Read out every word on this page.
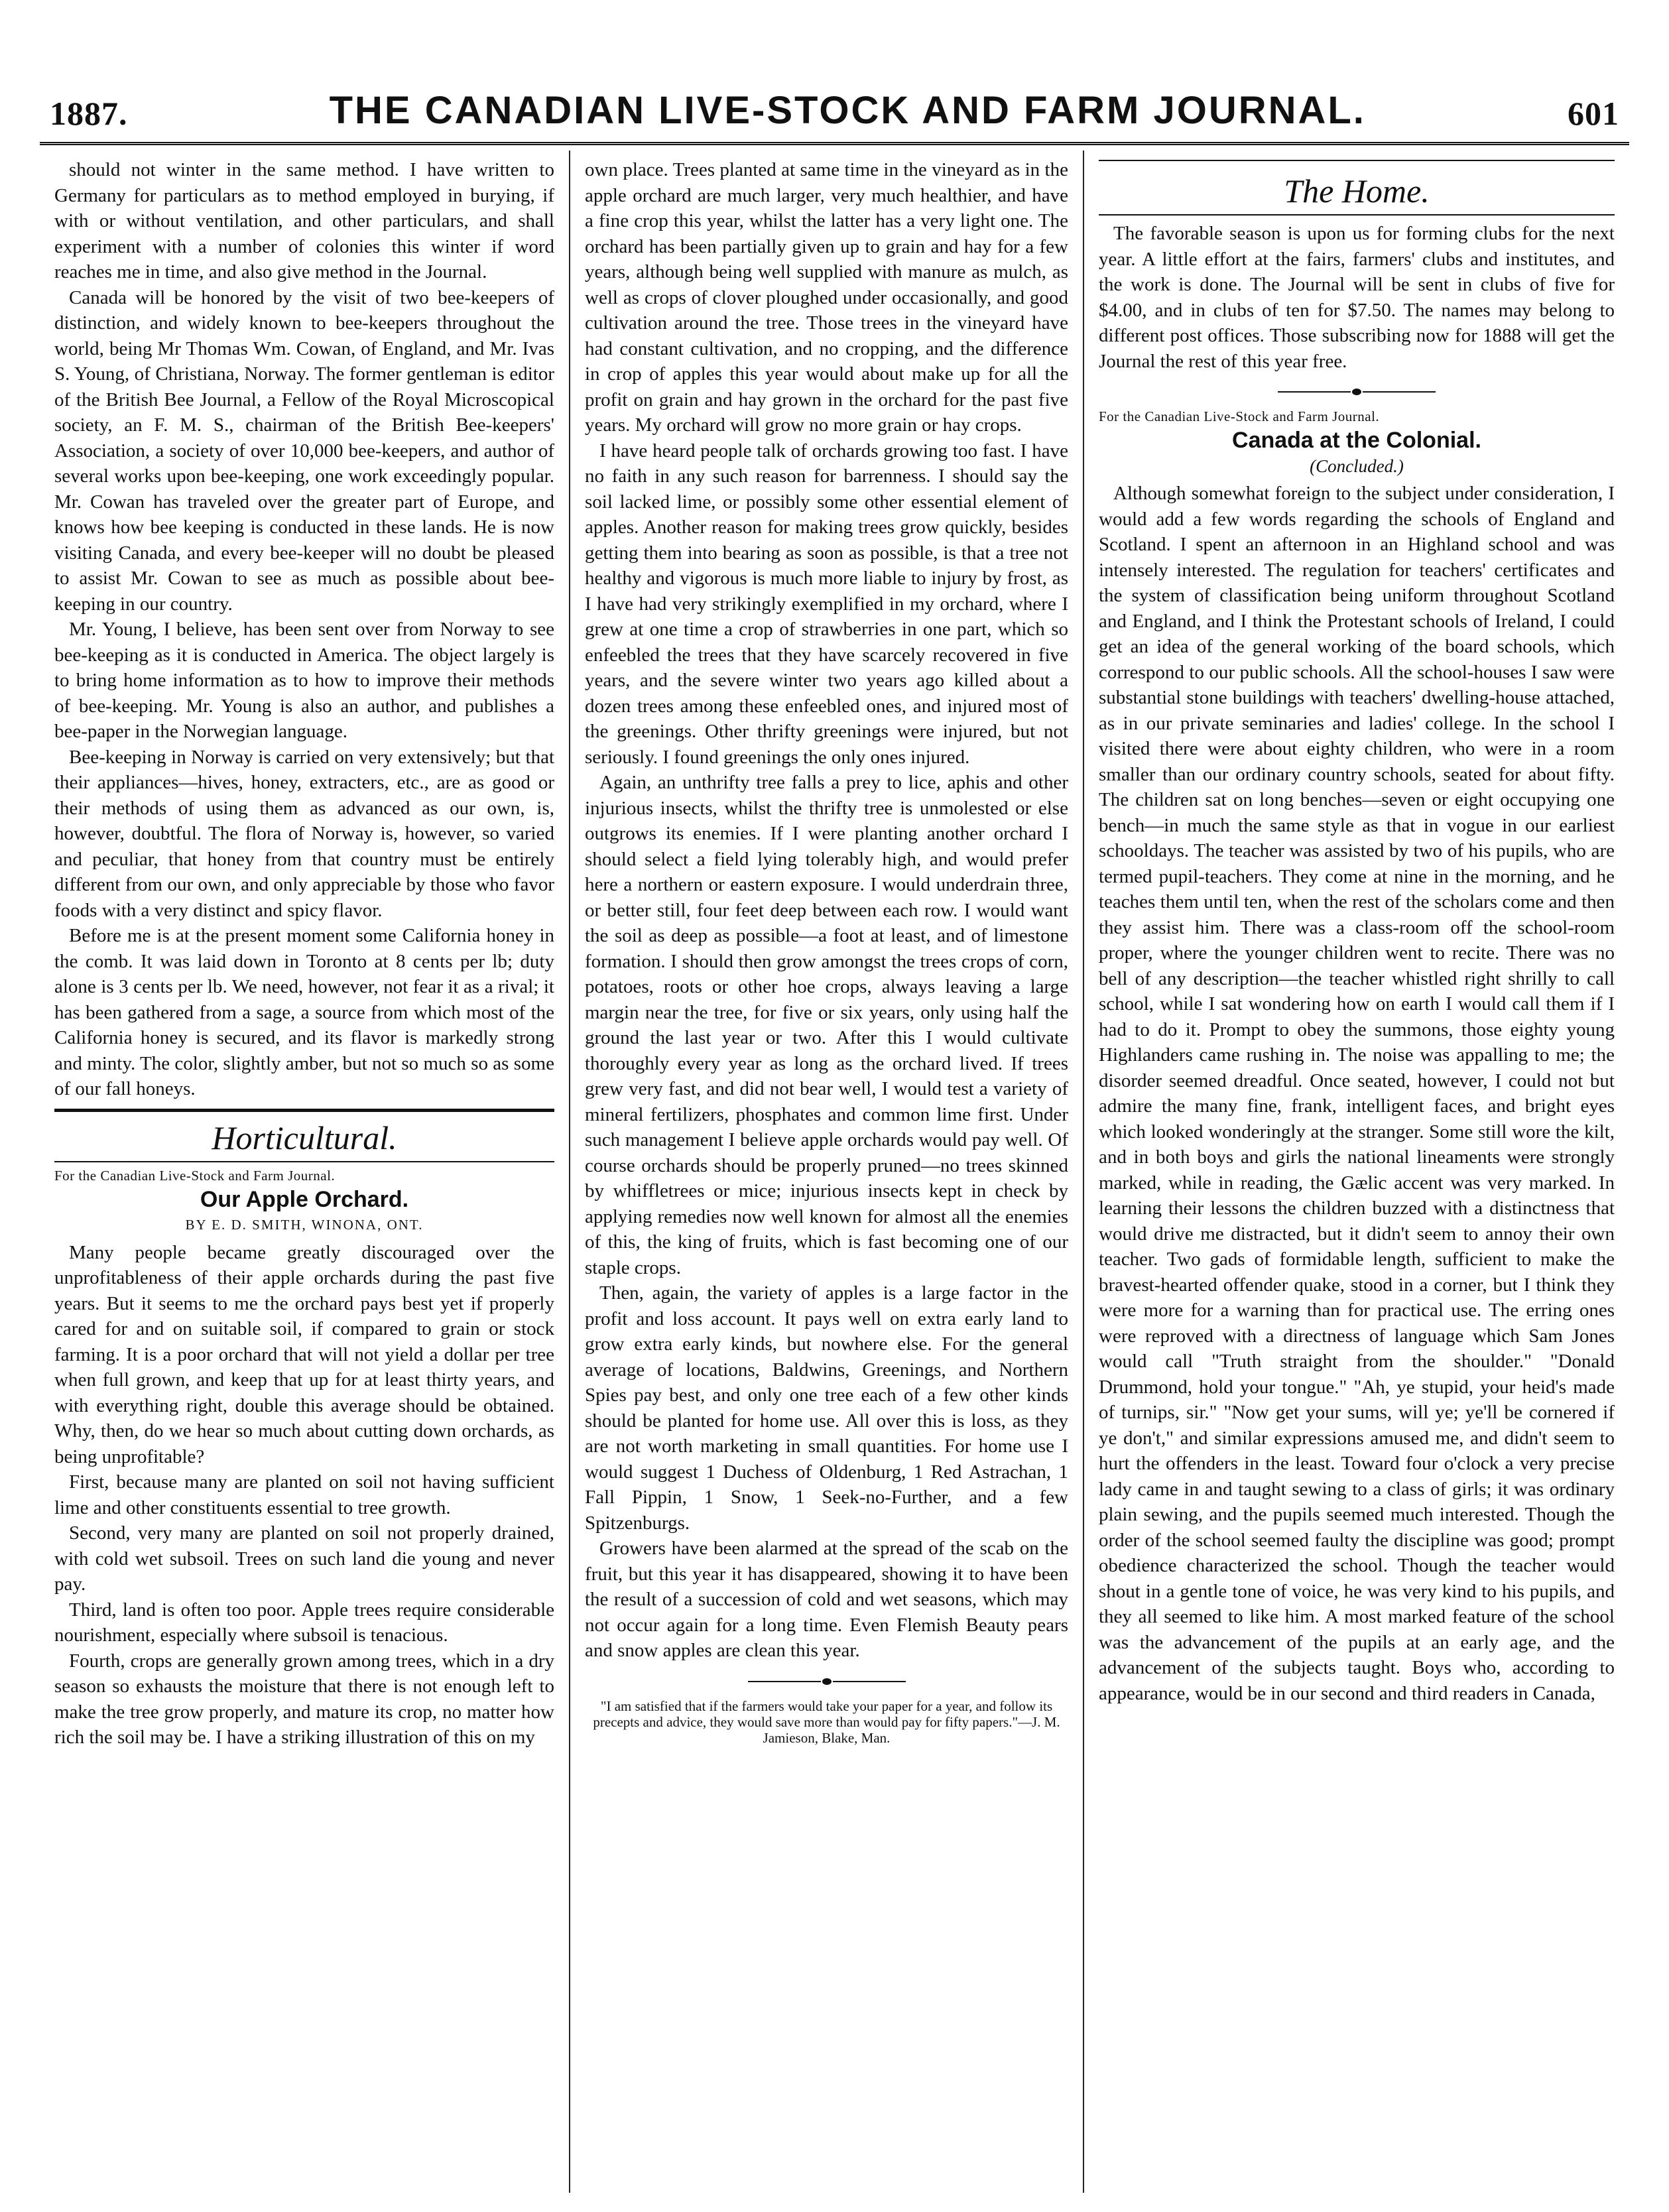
1887.	THE CANADIAN LIVE-STOCK AND FARM JOURNAL.	601

should not winter in the same method. I have written to Germany for particulars as to method employed in burying, if with or without ventilation, and other particulars, and shall experiment with a number of colonies this winter if word reaches me in time, and also give method in the Journal.

Canada will be honored by the visit of two bee-keepers of distinction, and widely known to bee-keepers throughout the world, being Mr Thomas Wm. Cowan, of England, and Mr. Ivas S. Young, of Christiana, Norway. The former gentleman is editor of the British Bee Journal, a Fellow of the Royal Microscopical society, an F. M. S., chairman of the British Bee-keepers' Association, a society of over 10,000 bee-keepers, and author of several works upon bee-keeping, one work exceedingly popular. Mr. Cowan has traveled over the greater part of Europe, and knows how bee keeping is conducted in these lands. He is now visiting Canada, and every bee-keeper will no doubt be pleased to assist Mr. Cowan to see as much as possible about bee-keeping in our country.

Mr. Young, I believe, has been sent over from Norway to see bee-keeping as it is conducted in America. The object largely is to bring home information as to how to improve their methods of bee-keeping. Mr. Young is also an author, and publishes a bee-paper in the Norwegian language.

Bee-keeping in Norway is carried on very extensively; but that their appliances—hives, honey, extracters, etc., are as good or their methods of using them as advanced as our own, is, however, doubtful. The flora of Norway is, however, so varied and peculiar, that honey from that country must be entirely different from our own, and only appreciable by those who favor foods with a very distinct and spicy flavor.

Before me is at the present moment some California honey in the comb. It was laid down in Toronto at 8 cents per lb; duty alone is 3 cents per lb. We need, however, not fear it as a rival; it has been gathered from a sage, a source from which most of the California honey is secured, and its flavor is markedly strong and minty. The color, slightly amber, but not so much so as some of our fall honeys.

Horticultural.
For the Canadian Live-Stock and Farm Journal.
Our Apple Orchard.
BY E. D. SMITH, WINONA, ONT.

Many people became greatly discouraged over the unprofitableness of their apple orchards during the past five years. But it seems to me the orchard pays best yet if properly cared for and on suitable soil, if compared to grain or stock farming. It is a poor orchard that will not yield a dollar per tree when full grown, and keep that up for at least thirty years, and with everything right, double this average should be obtained. Why, then, do we hear so much about cutting down orchards, as being unprofitable?

First, because many are planted on soil not having sufficient lime and other constituents essential to tree growth.

Second, very many are planted on soil not properly drained, with cold wet subsoil. Trees on such land die young and never pay.

Third, land is often too poor. Apple trees require considerable nourishment, especially where subsoil is tenacious.

Fourth, crops are generally grown among trees, which in a dry season so exhausts the moisture that there is not enough left to make the tree grow properly, and mature its crop, no matter how rich the soil may be. I have a striking illustration of this on my

own place. Trees planted at same time in the vineyard as in the apple orchard are much larger, very much healthier, and have a fine crop this year, whilst the latter has a very light one. The orchard has been partially given up to grain and hay for a few years, although being well supplied with manure as mulch, as well as crops of clover ploughed under occasionally, and good cultivation around the tree. Those trees in the vineyard have had constant cultivation, and no cropping, and the difference in crop of apples this year would about make up for all the profit on grain and hay grown in the orchard for the past five years. My orchard will grow no more grain or hay crops.

I have heard people talk of orchards growing too fast. I have no faith in any such reason for barrenness. I should say the soil lacked lime, or possibly some other essential element of apples. Another reason for making trees grow quickly, besides getting them into bearing as soon as possible, is that a tree not healthy and vigorous is much more liable to injury by frost, as I have had very strikingly exemplified in my orchard, where I grew at one time a crop of strawberries in one part, which so enfeebled the trees that they have scarcely recovered in five years, and the severe winter two years ago killed about a dozen trees among these enfeebled ones, and injured most of the greenings. Other thrifty greenings were injured, but not seriously. I found greenings the only ones injured.

Again, an unthrifty tree falls a prey to lice, aphis and other injurious insects, whilst the thrifty tree is unmolested or else outgrows its enemies. If I were planting another orchard I should select a field lying tolerably high, and would prefer here a northern or eastern exposure. I would underdrain three, or better still, four feet deep between each row. I would want the soil as deep as possible—a foot at least, and of limestone formation. I should then grow amongst the trees crops of corn, potatoes, roots or other hoe crops, always leaving a large margin near the tree, for five or six years, only using half the ground the last year or two. After this I would cultivate thoroughly every year as long as the orchard lived. If trees grew very fast, and did not bear well, I would test a variety of mineral fertilizers, phosphates and common lime first. Under such management I believe apple orchards would pay well. Of course orchards should be properly pruned—no trees skinned by whiffletrees or mice; injurious insects kept in check by applying remedies now well known for almost all the enemies of this, the king of fruits, which is fast becoming one of our staple crops.

Then, again, the variety of apples is a large factor in the profit and loss account. It pays well on extra early land to grow extra early kinds, but nowhere else. For the general average of locations, Baldwins, Greenings, and Northern Spies pay best, and only one tree each of a few other kinds should be planted for home use. All over this is loss, as they are not worth marketing in small quantities. For home use I would suggest 1 Duchess of Oldenburg, 1 Red Astrachan, 1 Fall Pippin, 1 Snow, 1 Seek-no-Further, and a few Spitzenburgs.

Growers have been alarmed at the spread of the scab on the fruit, but this year it has disappeared, showing it to have been the result of a succession of cold and wet seasons, which may not occur again for a long time. Even Flemish Beauty pears and snow apples are clean this year.

"I am satisfied that if the farmers would take your paper for a year, and follow its precepts and advice, they would save more than would pay for fifty papers."—J. M. Jamieson, Blake, Man.

The Home.

The favorable season is upon us for forming clubs for the next year. A little effort at the fairs, farmers' clubs and institutes, and the work is done. The Journal will be sent in clubs of five for $4.00, and in clubs of ten for $7.50. The names may belong to different post offices. Those subscribing now for 1888 will get the Journal the rest of this year free.

For the Canadian Live-Stock and Farm Journal.
Canada at the Colonial.
(Concluded.)

Although somewhat foreign to the subject under consideration, I would add a few words regarding the schools of England and Scotland. I spent an afternoon in an Highland school and was intensely interested. The regulation for teachers' certificates and the system of classification being uniform throughout Scotland and England, and I think the Protestant schools of Ireland, I could get an idea of the general working of the board schools, which correspond to our public schools. All the school-houses I saw were substantial stone buildings with teachers' dwelling-house attached, as in our private seminaries and ladies' college. In the school I visited there were about eighty children, who were in a room smaller than our ordinary country schools, seated for about fifty. The children sat on long benches—seven or eight occupying one bench—in much the same style as that in vogue in our earliest schooldays. The teacher was assisted by two of his pupils, who are termed pupil-teachers. They come at nine in the morning, and he teaches them until ten, when the rest of the scholars come and then they assist him. There was a class-room off the school-room proper, where the younger children went to recite. There was no bell of any description—the teacher whistled right shrilly to call school, while I sat wondering how on earth I would call them if I had to do it. Prompt to obey the summons, those eighty young Highlanders came rushing in. The noise was appalling to me; the disorder seemed dreadful. Once seated, however, I could not but admire the many fine, frank, intelligent faces, and bright eyes which looked wonderingly at the stranger. Some still wore the kilt, and in both boys and girls the national lineaments were strongly marked, while in reading, the Gælic accent was very marked. In learning their lessons the children buzzed with a distinctness that would drive me distracted, but it didn't seem to annoy their own teacher. Two gads of formidable length, sufficient to make the bravest-hearted offender quake, stood in a corner, but I think they were more for a warning than for practical use. The erring ones were reproved with a directness of language which Sam Jones would call "Truth straight from the shoulder." "Donald Drummond, hold your tongue." "Ah, ye stupid, your heid's made of turnips, sir." "Now get your sums, will ye; ye'll be cornered if ye don't," and similar expressions amused me, and didn't seem to hurt the offenders in the least. Toward four o'clock a very precise lady came in and taught sewing to a class of girls; it was ordinary plain sewing, and the pupils seemed much interested. Though the order of the school seemed faulty the discipline was good; prompt obedience characterized the school. Though the teacher would shout in a gentle tone of voice, he was very kind to his pupils, and they all seemed to like him. A most marked feature of the school was the advancement of the pupils at an early age, and the advancement of the subjects taught. Boys who, according to appearance, would be in our second and third readers in Canada,
